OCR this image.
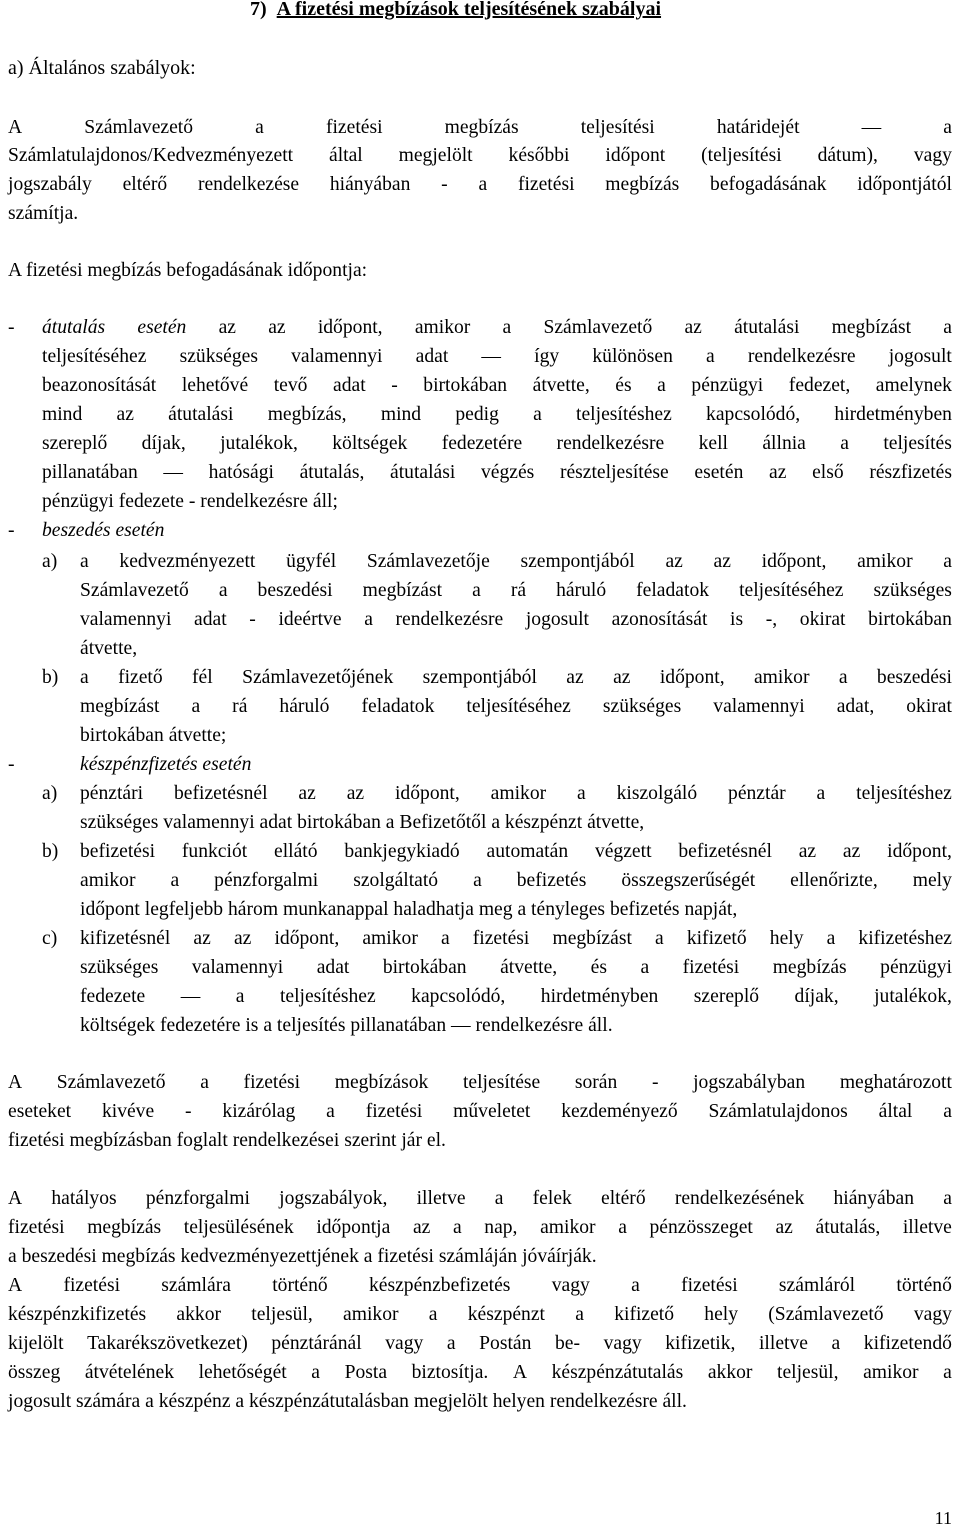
7) A fizetési megbízások teljesítésének szabályai
a) Általános szabályok:
A	Számlavezető	a	fizetési	megbízás	teljesítési	határidejét	—	a
Számlatulajdonos/Kedvezményezett által megjelölt későbbi időpont (teljesítési dátum), vagy
jogszabály eltérő rendelkezése hiányában - a fizetési megbízás befogadásának időpontjától
számítja.
A fizetési megbízás befogadásának időpontja:
- átutalás esetén az az időpont, amikor a Számlavezető az átutalási megbízást a
teljesítéséhez szükséges valamennyi adat — így különösen a rendelkezésre jogosult
beazonosítását lehetővé tevő adat - birtokában átvette, és a pénzügyi fedezet, amelynek
mind az átutalási megbízás, mind pedig a teljesítéshez kapcsolódó, hirdetményben
szereplő díjak, jutalékok, költségek fedezetére rendelkezésre kell állnia a teljesítés
pillanatában — hatósági átutalás, átutalási végzés részteljesítése esetén az első részfizetés
pénzügyi fedezete - rendelkezésre áll;
- beszedés esetén
a) a kedvezményezett ügyfél Számlavezetője szempontjából az az időpont, amikor a
Számlavezető a beszedési megbízást a rá háruló feladatok teljesítéséhez szükséges
valamennyi adat - ideértve a rendelkezésre jogosult azonosítását is -, okirat birtokában
átvette,
b) a fizető fél Számlavezetőjének szempontjából az az időpont, amikor a beszedési
megbízást a rá háruló feladatok teljesítéséhez szükséges valamennyi adat, okirat
birtokában átvette;
-	készpénzfizetés esetén
a) pénztári befizetésnél az az időpont, amikor a kiszolgáló pénztár a teljesítéshez
szükséges valamennyi adat birtokában a Befizetőtől a készpénzt átvette,
b) befizetési funkciót ellátó bankjegykiadó automatán végzett befizetésnél az az időpont,
amikor a pénzforgalmi szolgáltató a befizetés összegszerűségét ellenőrizte, mely
időpont legfeljebb három munkanappal haladhatja meg a tényleges befizetés napját,
c) kifizetésnél az az időpont, amikor a fizetési megbízást a kifizető hely a kifizetéshez
szükséges valamennyi adat birtokában átvette, és a fizetési megbízás pénzügyi
fedezete — a teljesítéshez kapcsolódó, hirdetményben szereplő díjak, jutalékok,
költségek fedezetére is a teljesítés pillanatában — rendelkezésre áll.
A Számlavezető a fizetési megbízások teljesítése során - jogszabályban meghatározott
eseteket kivéve - kizárólag a fizetési műveletet kezdeményező Számlatulajdonos által a
fizetési megbízásban foglalt rendelkezései szerint jár el.
A hatályos pénzforgalmi jogszabályok, illetve a felek eltérő rendelkezésének hiányában a
fizetési megbízás teljesülésének időpontja az a nap, amikor a pénzösszeget az átutalás, illetve
a beszedési megbízás kedvezményezettjének a fizetési számláján jóváírják.
A fizetési számlára történő készpénzbefizetés vagy a fizetési számláról történő
készpénzkifizetés akkor teljesül, amikor a készpénzt a kifizető hely (Számlavezető vagy
kijelölt Takarékszövetkezet) pénztáránál vagy a Postán be- vagy kifizetik, illetve a kifizetendő
összeg átvételének lehetőségét a Posta biztosítja. A készpénzátutalás akkor teljesül, amikor a
jogosult számára a készpénz a készpénzátutalásban megjelölt helyen rendelkezésre áll.
11
